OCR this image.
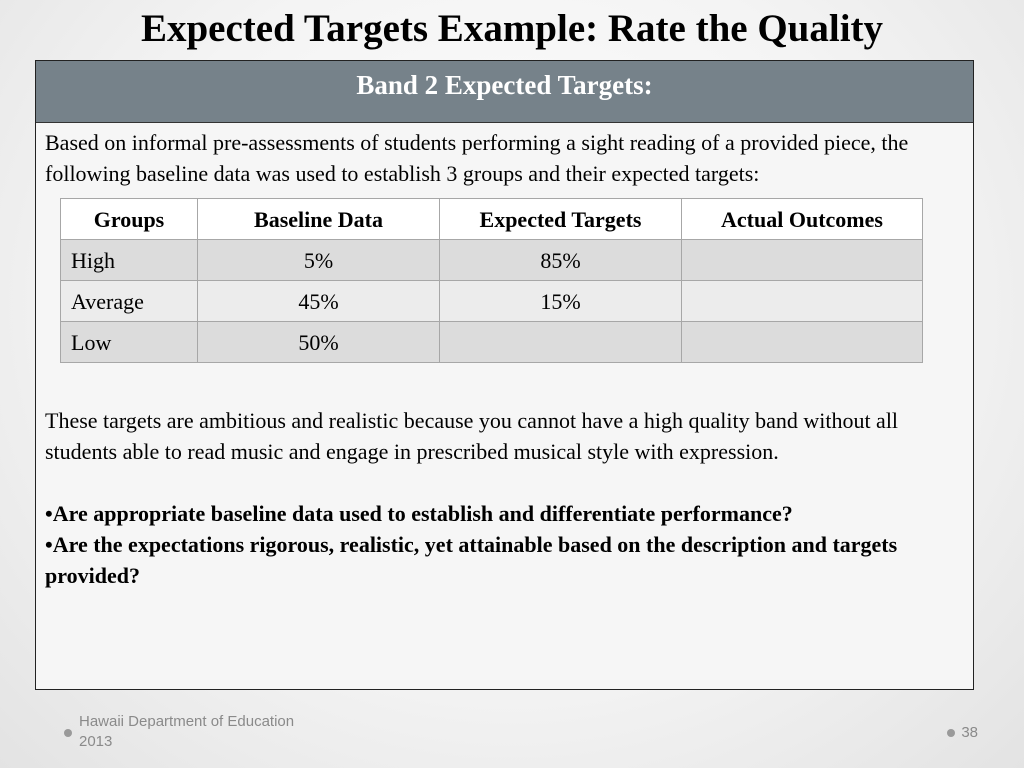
Expected Targets Example: Rate the Quality
Band 2 Expected Targets:

Based on informal pre-assessments of students performing a sight reading of a provided piece, the following baseline data was used to establish 3 groups and their expected targets:

Groups	Baseline Data	Expected Targets	Actual Outcomes
High	5%	85%	
Average	45%	15%	
Low	50%		

These targets are ambitious and realistic because you cannot have a high quality band without all students able to read music and engage in prescribed musical style with expression.

•Are appropriate baseline data used to establish and differentiate performance?

•Are the expectations rigorous, realistic, yet attainable based on the description and targets provided?

Hawaii Department of Education
2013
38
